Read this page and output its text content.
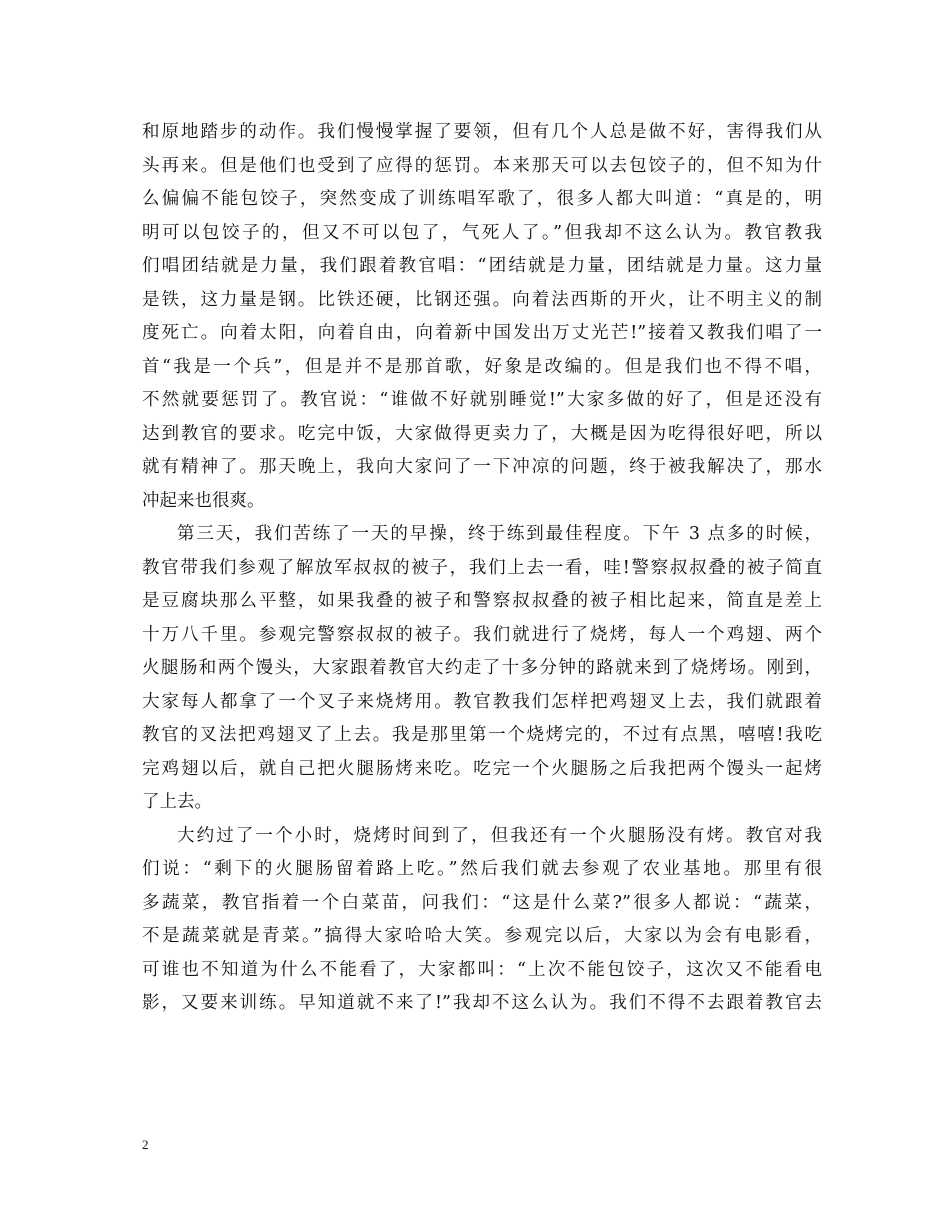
和原地踏步的动作。我们慢慢掌握了要领，但有几个人总是做不好，害得我们从
头再来。但是他们也受到了应得的惩罚。本来那天可以去包饺子的，但不知为什
么偏偏不能包饺子，突然变成了训练唱军歌了，很多人都大叫道：“真是的，明
明可以包饺子的，但又不可以包了，气死人了。”但我却不这么认为。教官教我
们唱团结就是力量，我们跟着教官唱：“团结就是力量，团结就是力量。这力量
是铁，这力量是钢。比铁还硬，比钢还强。向着法西斯的开火，让不明主义的制
度死亡。向着太阳，向着自由，向着新中国发出万丈光芒!”接着又教我们唱了一
首“我是一个兵”，但是并不是那首歌，好象是改编的。但是我们也不得不唱，
不然就要惩罚了。教官说：“谁做不好就别睡觉!”大家多做的好了，但是还没有
达到教官的要求。吃完中饭，大家做得更卖力了，大概是因为吃得很好吧，所以
就有精神了。那天晚上，我向大家问了一下冲凉的问题，终于被我解决了，那水
冲起来也很爽。
第三天，我们苦练了一天的早操，终于练到最佳程度。下午 3 点多的时候，
教官带我们参观了解放军叔叔的被子，我们上去一看，哇!警察叔叔叠的被子简直
是豆腐块那么平整，如果我叠的被子和警察叔叔叠的被子相比起来，简直是差上
十万八千里。参观完警察叔叔的被子。我们就进行了烧烤，每人一个鸡翅、两个
火腿肠和两个馒头，大家跟着教官大约走了十多分钟的路就来到了烧烤场。刚到，
大家每人都拿了一个叉子来烧烤用。教官教我们怎样把鸡翅叉上去，我们就跟着
教官的叉法把鸡翅叉了上去。我是那里第一个烧烤完的，不过有点黑，嘻嘻!我吃
完鸡翅以后，就自己把火腿肠烤来吃。吃完一个火腿肠之后我把两个馒头一起烤
了上去。
大约过了一个小时，烧烤时间到了，但我还有一个火腿肠没有烤。教官对我
们说：“剩下的火腿肠留着路上吃。”然后我们就去参观了农业基地。那里有很
多蔬菜，教官指着一个白菜苗，问我们：“这是什么菜?”很多人都说：“蔬菜，
不是蔬菜就是青菜。”搞得大家哈哈大笑。参观完以后，大家以为会有电影看，
可谁也不知道为什么不能看了，大家都叫：“上次不能包饺子，这次又不能看电
影，又要来训练。早知道就不来了!”我却不这么认为。我们不得不去跟着教官去
2
